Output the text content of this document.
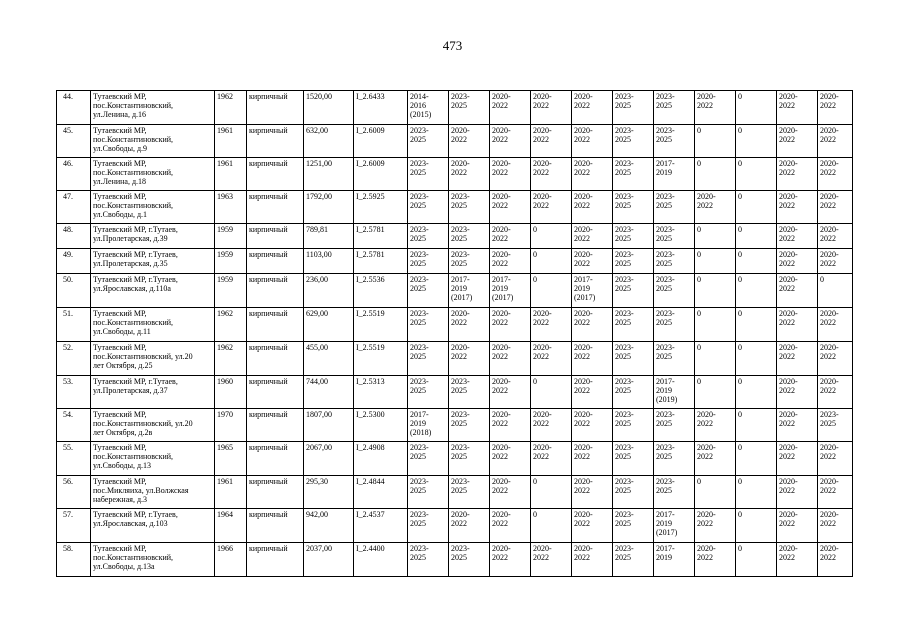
473
44.	Тутаевский МР,
пос.Константиновский,
ул.Ленина, д.16	1962	кирпичный	1520,00	I_2.6433	2014-
2016
(2015)	2023-
2025	2020-
2022	2020-
2022	2020-
2022	2023-
2025	2023-
2025	2020-
2022	0	2020-
2022	2020-
2022
45.	Тутаевский МР,
пос.Константиновский,
ул.Свободы, д.9	1961	кирпичный	632,00	I_2.6009	2023-
2025	2020-
2022	2020-
2022	2020-
2022	2020-
2022	2023-
2025	2023-
2025	0	0	2020-
2022	2020-
2022
46.	Тутаевский МР,
пос.Константиновский,
ул.Ленина, д.18	1961	кирпичный	1251,00	I_2.6009	2023-
2025	2020-
2022	2020-
2022	2020-
2022	2020-
2022	2023-
2025	2017-
2019	0	0	2020-
2022	2020-
2022
47.	Тутаевский МР,
пос.Константиновский,
ул.Свободы, д.1	1963	кирпичный	1792,00	I_2.5925	2023-
2025	2023-
2025	2020-
2022	2020-
2022	2020-
2022	2023-
2025	2023-
2025	2020-
2022	0	2020-
2022	2020-
2022
48.	Тутаевский МР, г.Тутаев,
ул.Пролетарская, д.39	1959	кирпичный	789,81	I_2.5781	2023-
2025	2023-
2025	2020-
2022	0	2020-
2022	2023-
2025	2023-
2025	0	0	2020-
2022	2020-
2022
49.	Тутаевский МР, г.Тутаев,
ул.Пролетарская, д.35	1959	кирпичный	1103,00	I_2.5781	2023-
2025	2023-
2025	2020-
2022	0	2020-
2022	2023-
2025	2023-
2025	0	0	2020-
2022	2020-
2022
50.	Тутаевский МР, г.Тутаев,
ул.Ярославская, д.110а	1959	кирпичный	236,00	I_2.5536	2023-
2025	2017-
2019
(2017)	2017-
2019
(2017)	0	2017-
2019
(2017)	2023-
2025	2023-
2025	0	0	2020-
2022	0
51.	Тутаевский МР,
пос.Константиновский,
ул.Свободы, д.11	1962	кирпичный	629,00	I_2.5519	2023-
2025	2020-
2022	2020-
2022	2020-
2022	2020-
2022	2023-
2025	2023-
2025	0	0	2020-
2022	2020-
2022
52.	Тутаевский МР,
пос.Константиновский, ул.20
лет Октября, д.25	1962	кирпичный	455,00	I_2.5519	2023-
2025	2020-
2022	2020-
2022	2020-
2022	2020-
2022	2023-
2025	2023-
2025	0	0	2020-
2022	2020-
2022
53.	Тутаевский МР, г.Тутаев,
ул.Пролетарская, д.37	1960	кирпичный	744,00	I_2.5313	2023-
2025	2023-
2025	2020-
2022	0	2020-
2022	2023-
2025	2017-
2019
(2019)	0	0	2020-
2022	2020-
2022
54.	Тутаевский МР,
пос.Константиновский, ул.20
лет Октября, д.2в	1970	кирпичный	1807,00	I_2.5300	2017-
2019
(2018)	2023-
2025	2020-
2022	2020-
2022	2020-
2022	2023-
2025	2023-
2025	2020-
2022	0	2020-
2022	2023-
2025
55.	Тутаевский МР,
пос.Константиновский,
ул.Свободы, д.13	1965	кирпичный	2067,00	I_2.4908	2023-
2025	2023-
2025	2020-
2022	2020-
2022	2020-
2022	2023-
2025	2023-
2025	2020-
2022	0	2020-
2022	2020-
2022
56.	Тутаевский МР,
пос.Микляиха, ул.Волжская
набережная, д.3	1961	кирпичный	295,30	I_2.4844	2023-
2025	2023-
2025	2020-
2022	0	2020-
2022	2023-
2025	2023-
2025	0	0	2020-
2022	2020-
2022
57.	Тутаевский МР, г.Тутаев,
ул.Ярославская, д.103	1964	кирпичный	942,00	I_2.4537	2023-
2025	2020-
2022	2020-
2022	0	2020-
2022	2023-
2025	2017-
2019
(2017)	2020-
2022	0	2020-
2022	2020-
2022
58.	Тутаевский МР,
пос.Константиновский,
ул.Свободы, д.13а	1966	кирпичный	2037,00	I_2.4400	2023-
2025	2023-
2025	2020-
2022	2020-
2022	2020-
2022	2023-
2025	2017-
2019	2020-
2022	0	2020-
2022	2020-
2022
